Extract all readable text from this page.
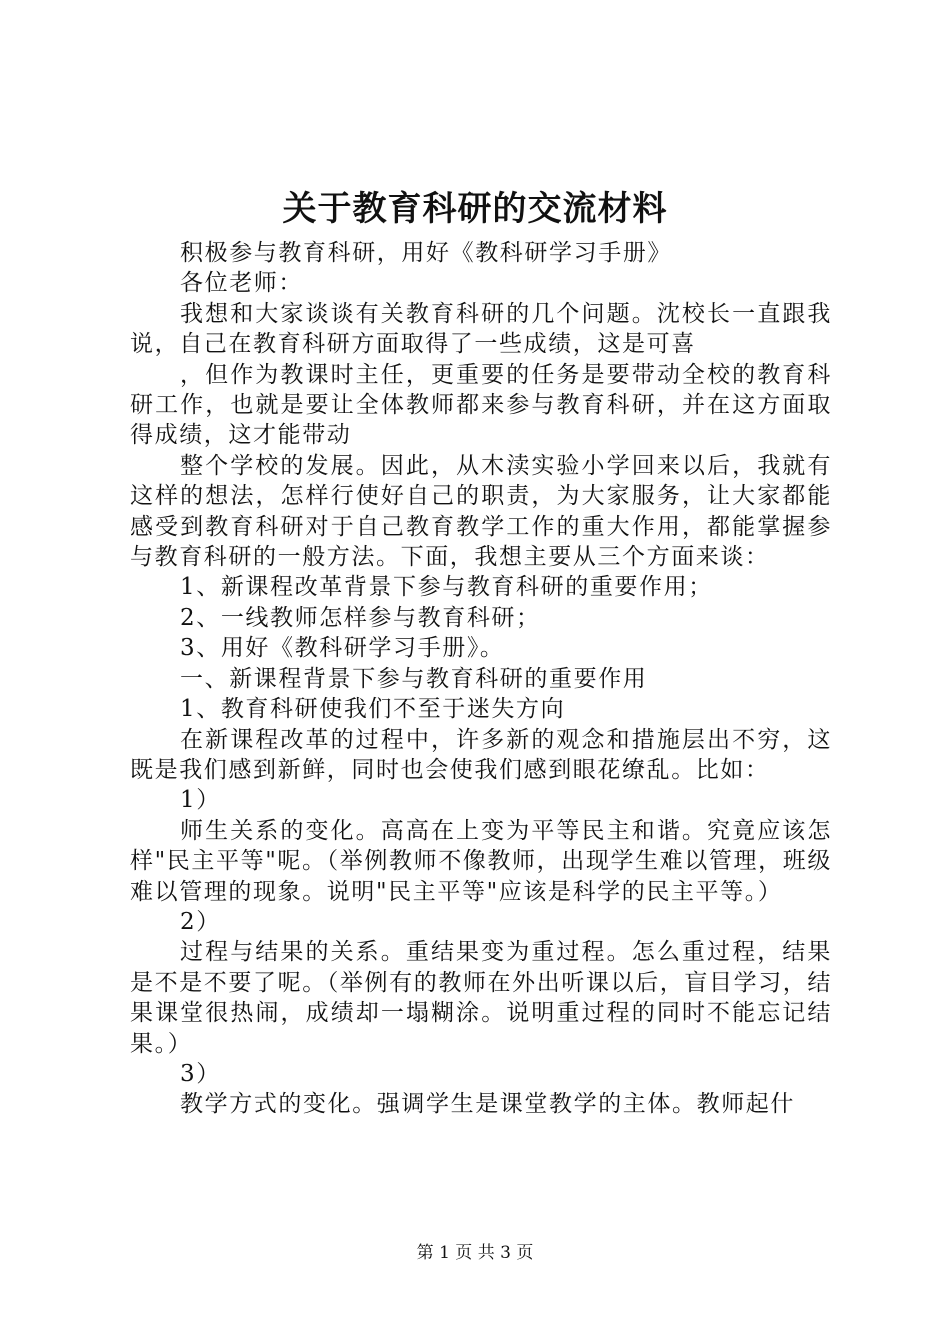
关于教育科研的交流材料

积极参与教育科研，用好《教科研学习手册》

各位老师：

我想和大家谈谈有关教育科研的几个问题。沈校长一直跟我说，自己在教育科研方面取得了一些成绩，这是可喜

，但作为教课时主任，更重要的任务是要带动全校的教育科研工作，也就是要让全体教师都来参与教育科研，并在这方面取得成绩，这才能带动

整个学校的发展。因此，从木渎实验小学回来以后，我就有这样的想法，怎样行使好自己的职责，为大家服务，让大家都能感受到教育科研对于自己教育教学工作的重大作用，都能掌握参与教育科研的一般方法。下面，我想主要从三个方面来谈：

1、新课程改革背景下参与教育科研的重要作用；

2、一线教师怎样参与教育科研；

3、用好《教科研学习手册》。

一、新课程背景下参与教育科研的重要作用

1、教育科研使我们不至于迷失方向

在新课程改革的过程中，许多新的观念和措施层出不穷，这既是我们感到新鲜，同时也会使我们感到眼花缭乱。比如：

1）

师生关系的变化。高高在上变为平等民主和谐。究竟应该怎样"民主平等"呢。（举例教师不像教师，出现学生难以管理，班级难以管理的现象。说明"民主平等"应该是科学的民主平等。）

2）

过程与结果的关系。重结果变为重过程。怎么重过程，结果是不是不要了呢。（举例有的教师在外出听课以后，盲目学习，结果课堂很热闹，成绩却一塌糊涂。说明重过程的同时不能忘记结果。）

3）

教学方式的变化。强调学生是课堂教学的主体。教师起什

第 1 页 共 3 页
